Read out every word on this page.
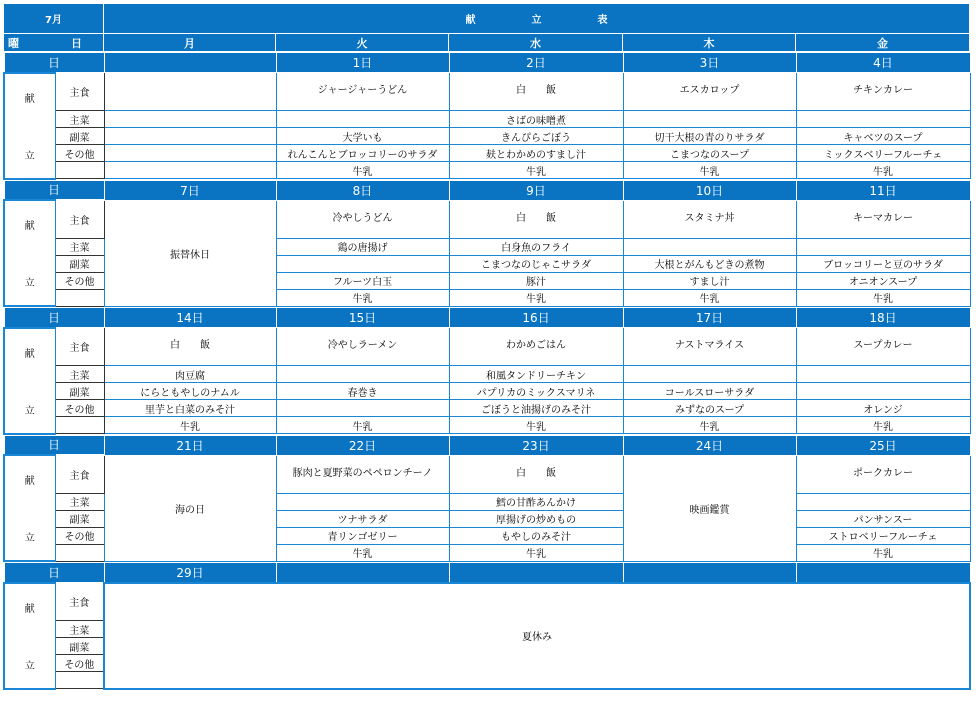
7月	献 立 表				
曜 日	月	火	水	木	金
日			1日	2日	3日	4日

献
立	主食		ジャージャーうどん	白　　飯	エスカロップ	チキンカレー
	主菜			さばの味噌煮		
	副菜		大学いも	きんぴらごぼう	切干大根の青のりサラダ	キャベツのスープ
	その他		れんこんとブロッコリーのサラダ	麸とわかめのすまし汁	こまつなのスープ	ミックスベリーフルーチェ
			牛乳	牛乳	牛乳	牛乳
日		7日	8日	9日	10日	11日

献
立	主食	振替休日	冷やしうどん	白　　飯	スタミナ丼	キーマカレー
	主菜		鶏の唐揚げ	白身魚のフライ		
	副菜			こまつなのじゃこサラダ	大根とがんもどきの煮物	ブロッコリーと豆のサラダ
	その他		フルーツ白玉	豚汁	すまし汁	オニオンスープ
			牛乳	牛乳	牛乳	牛乳
日		14日	15日	16日	17日	18日

献
立	主食	白　　飯	冷やしラーメン	わかめごはん	ナストマライス	スープカレー
	主菜	肉豆腐		和風タンドリーチキン		
	副菜	にらともやしのナムル	春巻き	パプリカのミックスマリネ	コールスローサラダ	
	その他	里芋と白菜のみそ汁		ごぼうと油揚げのみそ汁	みずなのスープ	オレンジ
		牛乳	牛乳	牛乳	牛乳	牛乳
日		21日	22日	23日	24日	25日

献
立	主食	海の日	豚肉と夏野菜のペペロンチーノ	白　　飯	映画鑑賞	ポークカレー
	主菜			鱈の甘酢あんかけ		
	副菜		ツナサラダ	厚揚げの炒めもの		パンサンスー
	その他		青リンゴゼリー	もやしのみそ汁		ストロベリーフルーチェ
			牛乳	牛乳		牛乳
日		29日				

献
立	主食	夏休み				
	主菜					
	副菜					
	その他					
